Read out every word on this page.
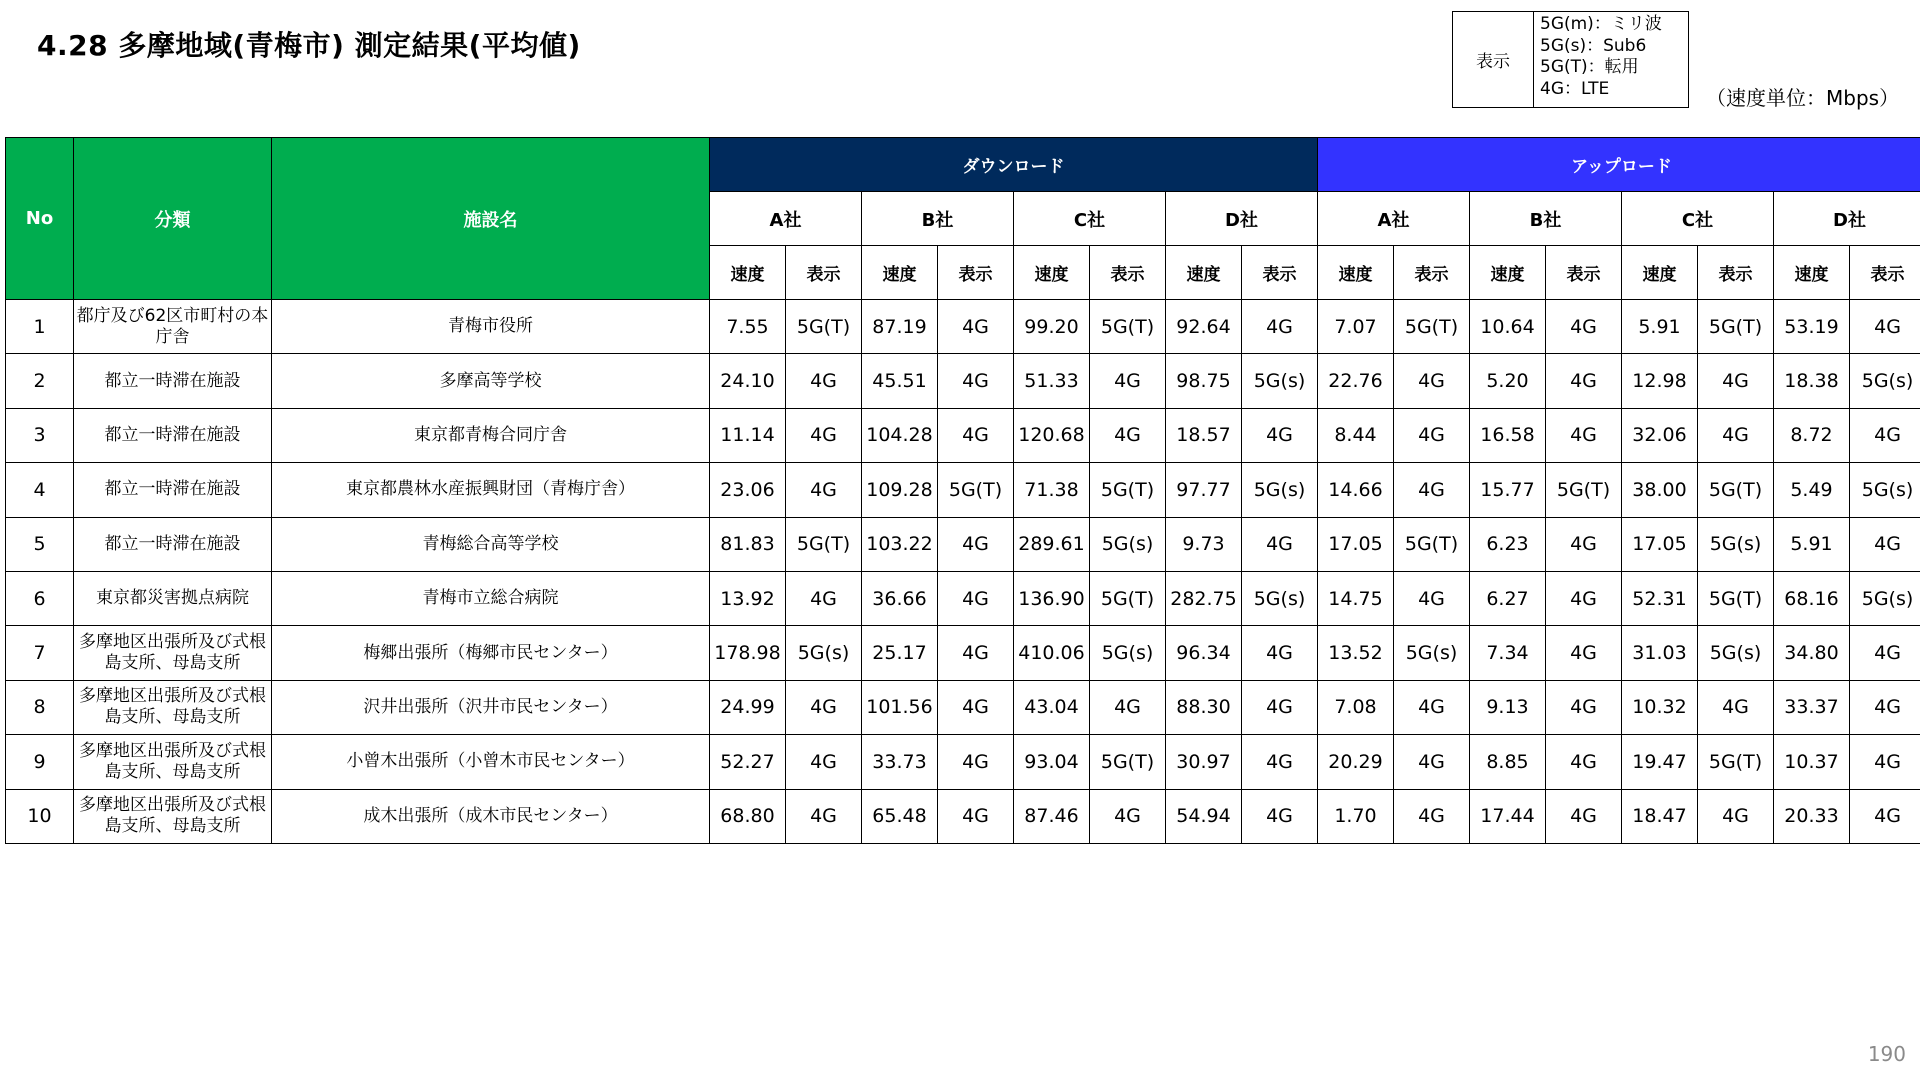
4.28 多摩地域(青梅市) 測定結果(平均値)	表示
5G(m)：ミリ波
5G(s)：Sub6
5G(T)：転用
4G：LTE	（速度単位：Mbps）
No	分類	施設名	ダウンロード								アップロード							
			A社		B社		C社		D社		A社		B社		C社		D社	
			速度	表示	速度	表示	速度	表示	速度	表示	速度	表示	速度	表示	速度	表示	速度	表示
1	都庁及び62区市町村の本庁舎	青梅市役所	7.55	5G(T)	87.19	4G	99.20	5G(T)	92.64	4G	7.07	5G(T)	10.64	4G	5.91	5G(T)	53.19	4G
2	都立一時滞在施設	多摩高等学校	24.10	4G	45.51	4G	51.33	4G	98.75	5G(s)	22.76	4G	5.20	4G	12.98	4G	18.38	5G(s)
3	都立一時滞在施設	東京都青梅合同庁舎	11.14	4G	104.28	4G	120.68	4G	18.57	4G	8.44	4G	16.58	4G	32.06	4G	8.72	4G
4	都立一時滞在施設	東京都農林水産振興財団（青梅庁舎）	23.06	4G	109.28	5G(T)	71.38	5G(T)	97.77	5G(s)	14.66	4G	15.77	5G(T)	38.00	5G(T)	5.49	5G(s)
5	都立一時滞在施設	青梅総合高等学校	81.83	5G(T)	103.22	4G	289.61	5G(s)	9.73	4G	17.05	5G(T)	6.23	4G	17.05	5G(s)	5.91	4G
6	東京都災害拠点病院	青梅市立総合病院	13.92	4G	36.66	4G	136.90	5G(T)	282.75	5G(s)	14.75	4G	6.27	4G	52.31	5G(T)	68.16	5G(s)
7	多摩地区出張所及び式根島支所、母島支所	梅郷出張所（梅郷市民センター）	178.98	5G(s)	25.17	4G	410.06	5G(s)	96.34	4G	13.52	5G(s)	7.34	4G	31.03	5G(s)	34.80	4G
8	多摩地区出張所及び式根島支所、母島支所	沢井出張所（沢井市民センター）	24.99	4G	101.56	4G	43.04	4G	88.30	4G	7.08	4G	9.13	4G	10.32	4G	33.37	4G
9	多摩地区出張所及び式根島支所、母島支所	小曾木出張所（小曾木市民センター）	52.27	4G	33.73	4G	93.04	5G(T)	30.97	4G	20.29	4G	8.85	4G	19.47	5G(T)	10.37	4G
10	多摩地区出張所及び式根島支所、母島支所	成木出張所（成木市民センター）	68.80	4G	65.48	4G	87.46	4G	54.94	4G	1.70	4G	17.44	4G	18.47	4G	20.33	4G
190
